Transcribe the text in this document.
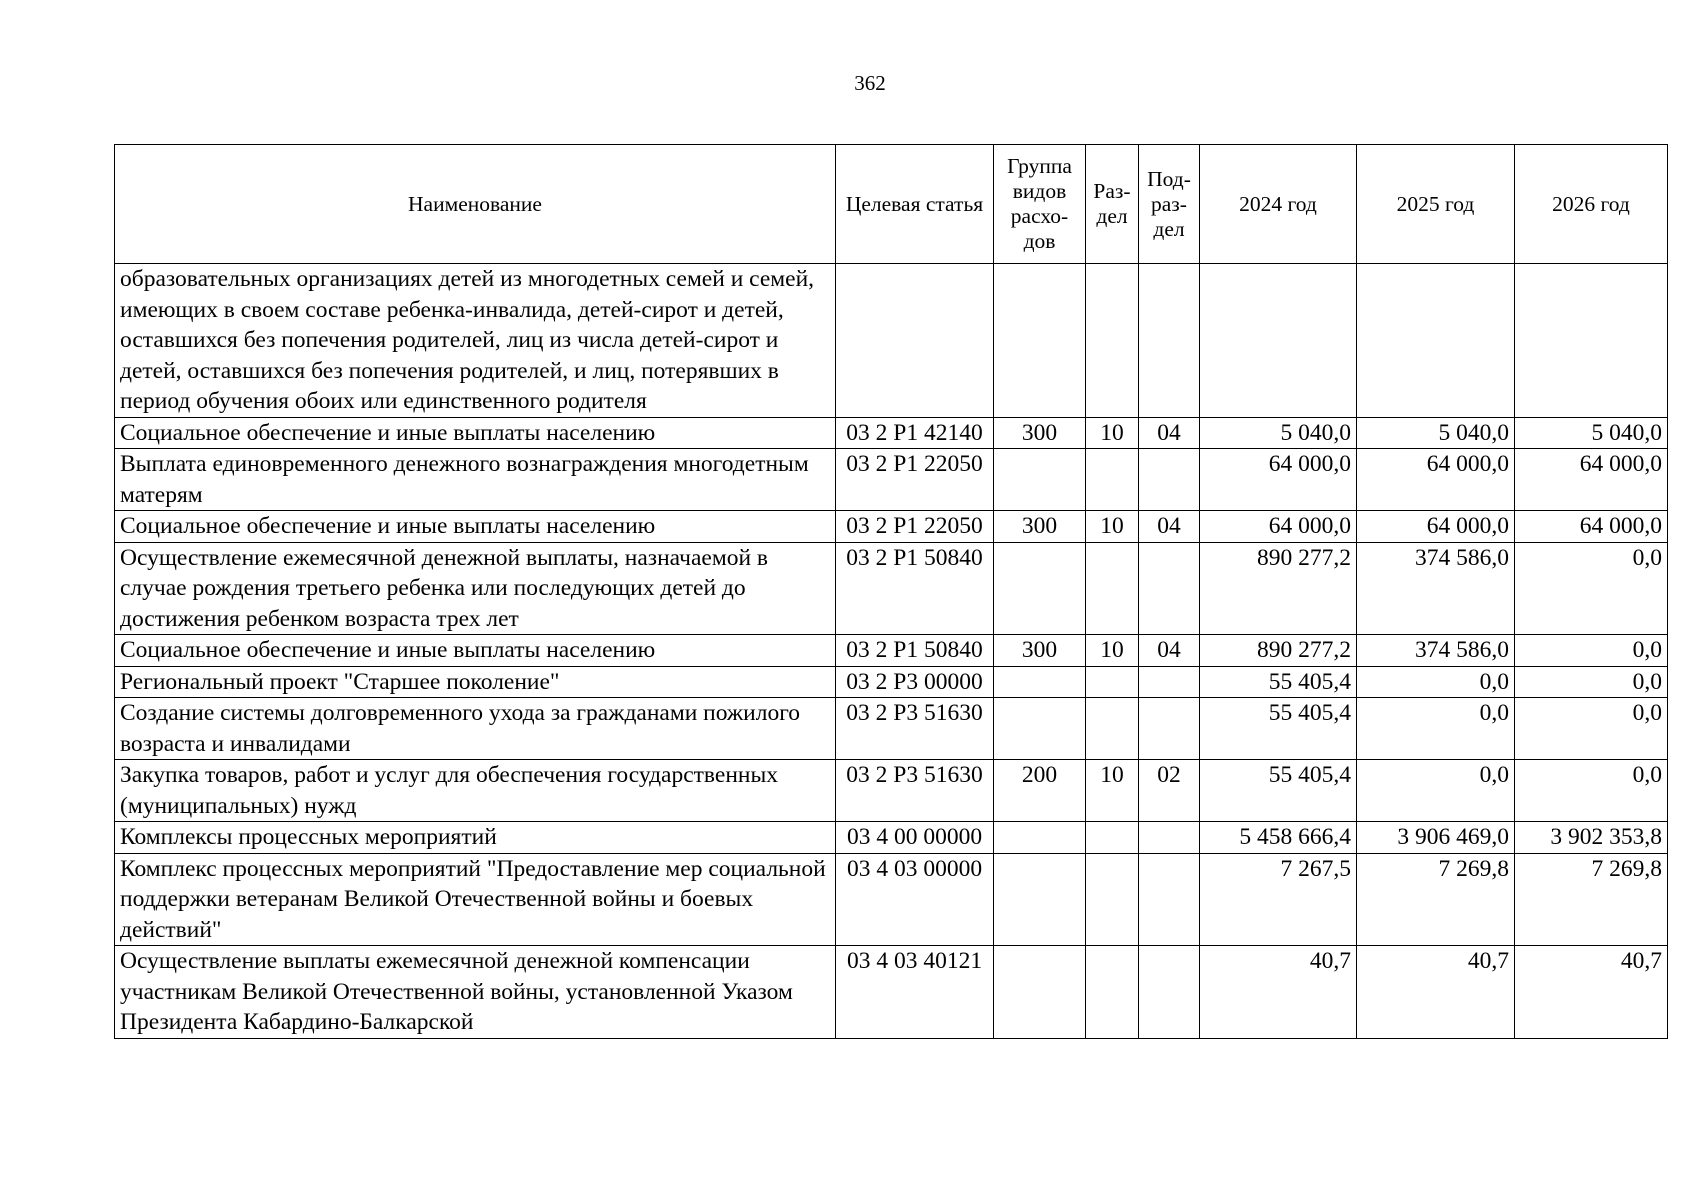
362
Наименование	Целевая статья	Группа видов расхо-дов	Раз-дел	Под-раз-дел	2024 год	2025 год	2026 год
образовательных организациях детей из многодетных семей и семей, имеющих в своем составе ребенка-инвалида, детей-сирот и детей, оставшихся без попечения родителей, лиц из числа детей-сирот и детей, оставшихся без попечения родителей, и лиц, потерявших в период обучения обоих или единственного родителя							
Социальное обеспечение и иные выплаты населению	03 2 Р1 42140	300	10	04	5 040,0	5 040,0	5 040,0
Выплата единовременного денежного вознаграждения многодетным матерям	03 2 Р1 22050				64 000,0	64 000,0	64 000,0
Социальное обеспечение и иные выплаты населению	03 2 Р1 22050	300	10	04	64 000,0	64 000,0	64 000,0
Осуществление ежемесячной денежной выплаты, назначаемой в случае рождения третьего ребенка или последующих детей до достижения ребенком возраста трех лет	03 2 Р1 50840				890 277,2	374 586,0	0,0
Социальное обеспечение и иные выплаты населению	03 2 Р1 50840	300	10	04	890 277,2	374 586,0	0,0
Региональный проект "Старшее поколение"	03 2 Р3 00000				55 405,4	0,0	0,0
Создание системы долговременного ухода за гражданами пожилого возраста и инвалидами	03 2 Р3 51630				55 405,4	0,0	0,0
Закупка товаров, работ и услуг для обеспечения государственных (муниципальных) нужд	03 2 Р3 51630	200	10	02	55 405,4	0,0	0,0
Комплексы процессных мероприятий	03 4 00 00000				5 458 666,4	3 906 469,0	3 902 353,8
Комплекс процессных мероприятий "Предоставление мер социальной поддержки ветеранам Великой Отечественной войны и боевых действий"	03 4 03 00000				7 267,5	7 269,8	7 269,8
Осуществление выплаты ежемесячной денежной компенсации участникам Великой Отечественной войны, установленной Указом Президента Кабардино-Балкарской	03 4 03 40121				40,7	40,7	40,7
